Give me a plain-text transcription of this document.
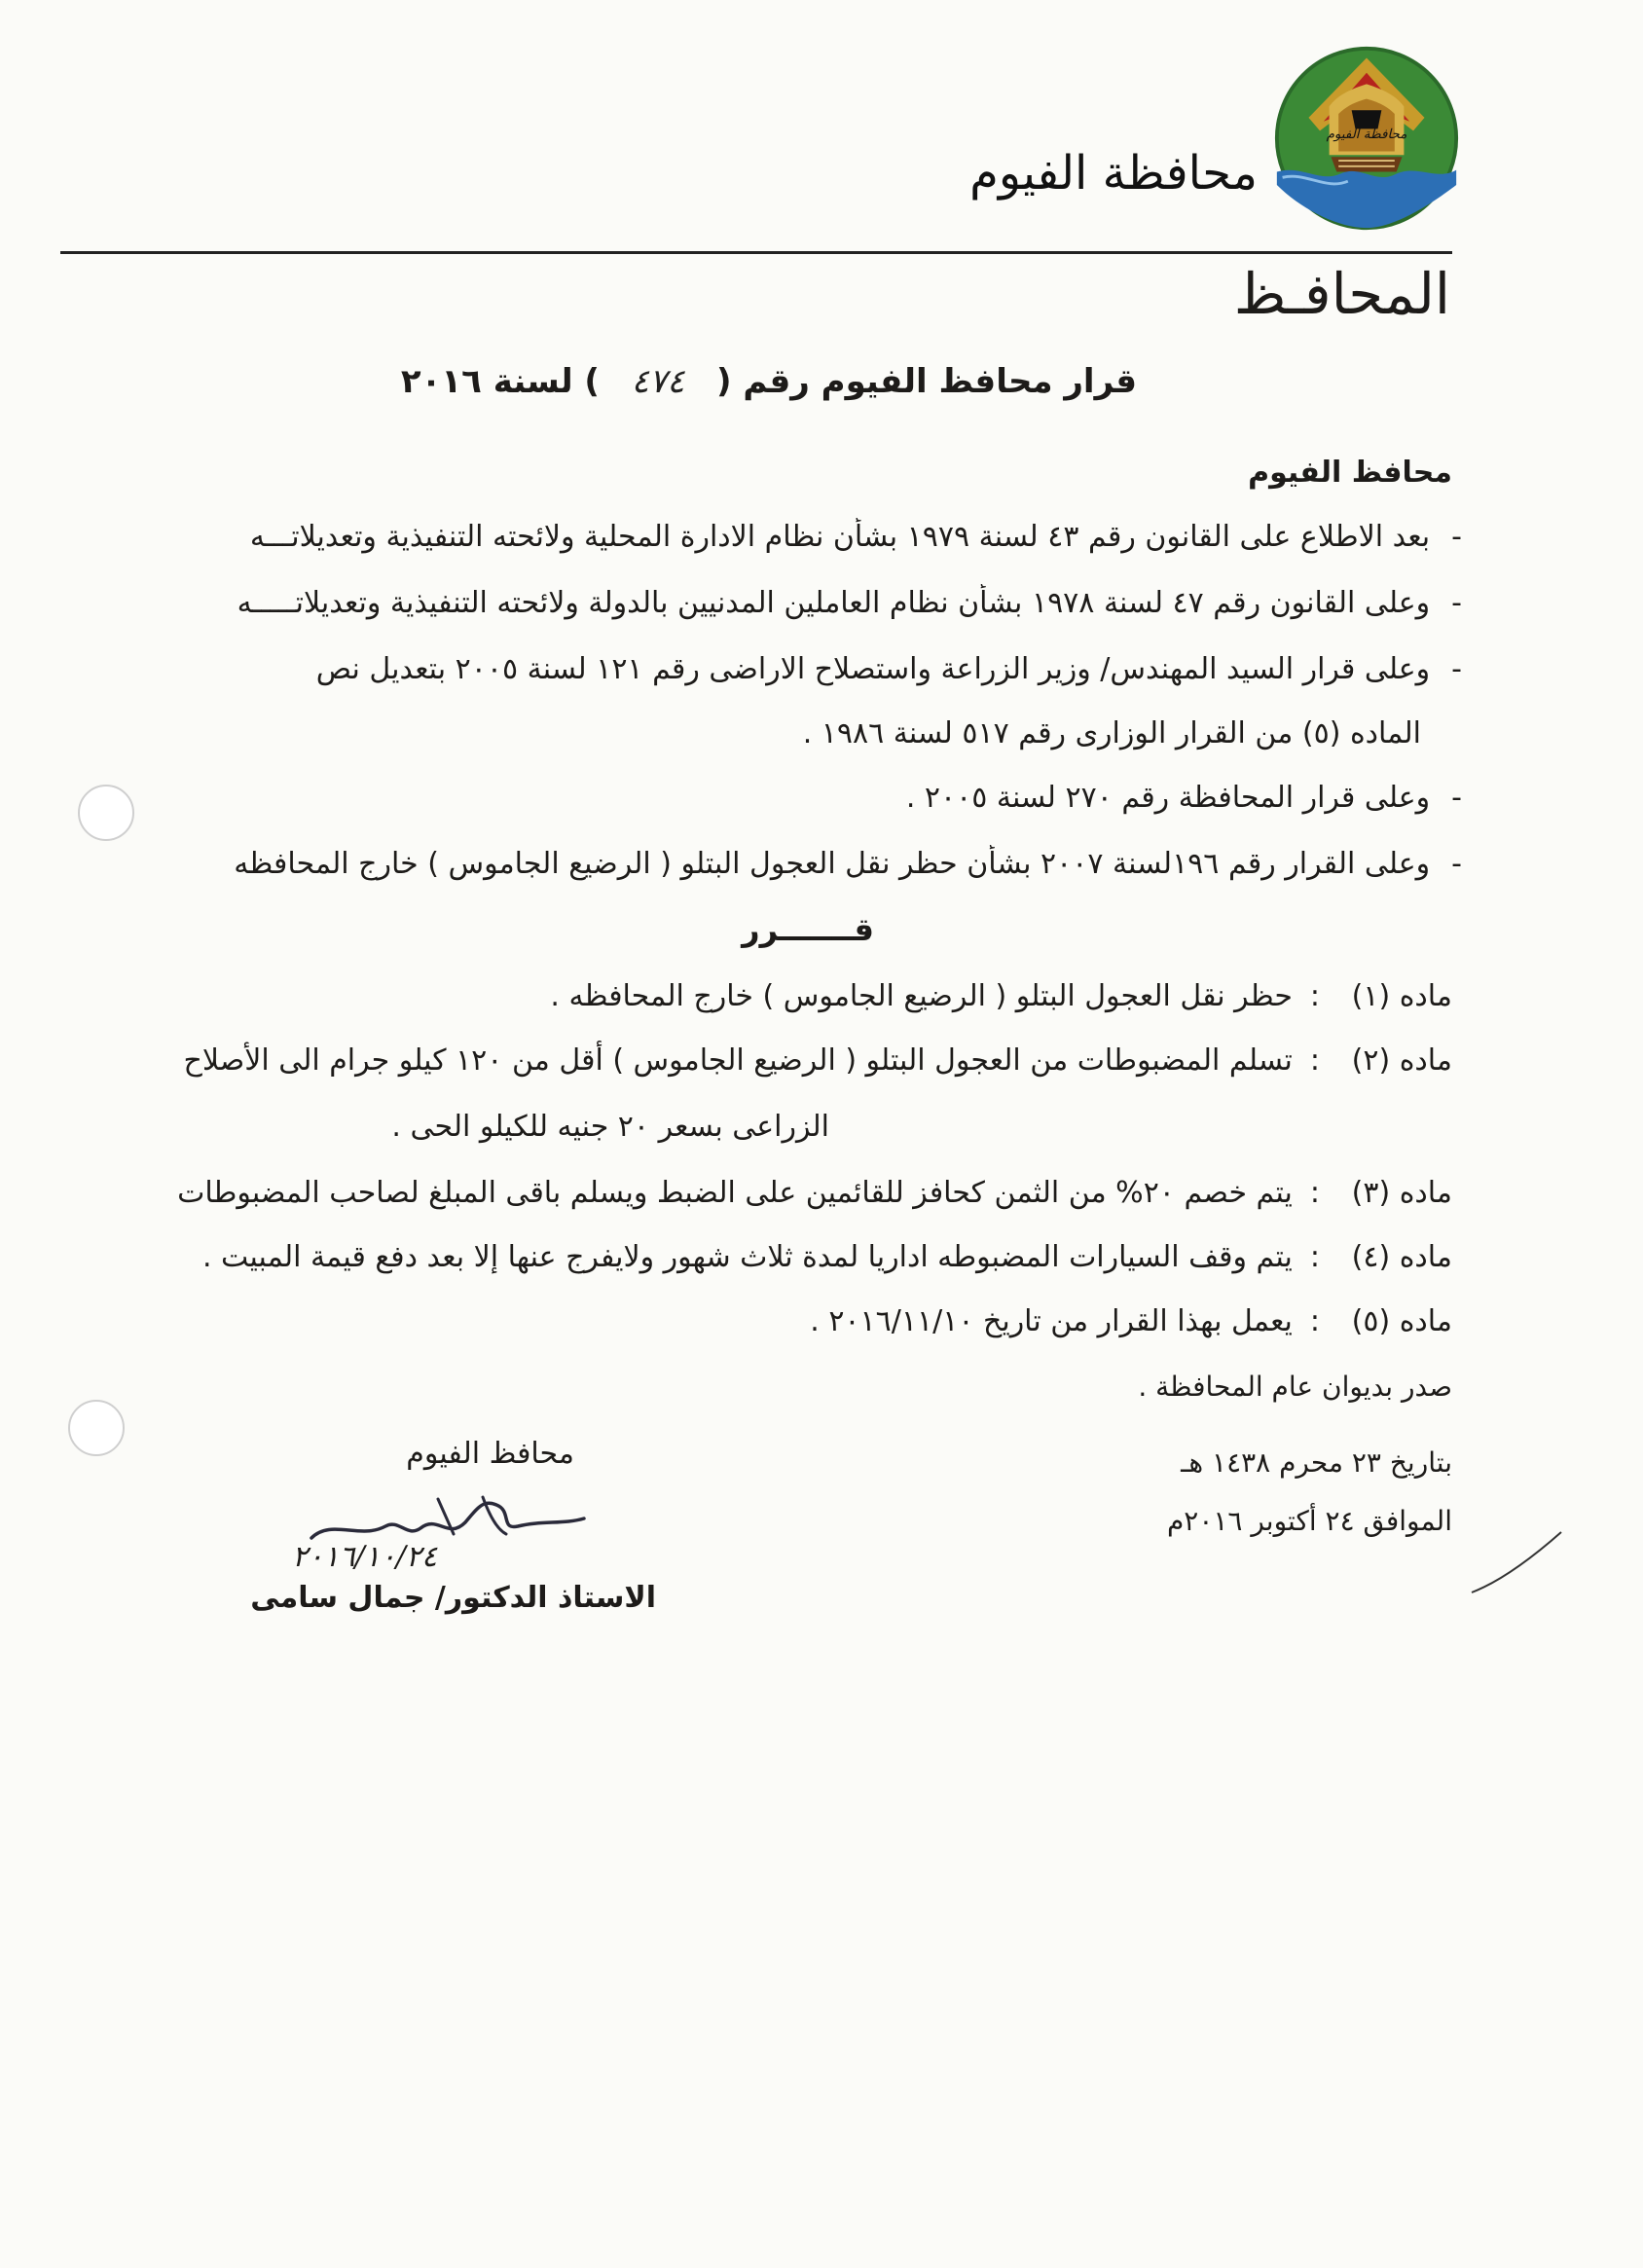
محافظة الفيوم
محافظة الفيوم
المحافـظ
قرار محافظ الفيوم رقم (٤٧٤) لسنة ٢٠١٦
محافظ الفيوم
-بعد الاطلاع على القانون رقم ٤٣ لسنة ١٩٧٩ بشأن نظام الادارة المحلية ولائحته التنفيذية وتعديلاتـــه
-وعلى القانون رقم ٤٧ لسنة ١٩٧٨ بشأن نظام العاملين المدنيين بالدولة ولائحته التنفيذية وتعديلاتـــــه
-وعلى قرار السيد المهندس/ وزير الزراعة واستصلاح الاراضى رقم ١٢١ لسنة ٢٠٠٥ بتعديل نص
الماده (٥) من القرار الوزارى رقم ٥١٧ لسنة ١٩٨٦ .
-وعلى قرار المحافظة رقم ٢٧٠ لسنة ٢٠٠٥ .
-وعلى القرار رقم ١٩٦لسنة ٢٠٠٧ بشأن حظر نقل العجول البتلو ( الرضيع الجاموس ) خارج المحافظه
قـــــــرر
ماده (١):حظر نقل العجول البتلو ( الرضيع الجاموس ) خارج المحافظه .
ماده (٢):تسلم المضبوطات من العجول البتلو ( الرضيع الجاموس ) أقل من ١٢٠ كيلو جرام الى الأصلاح
الزراعى بسعر ٢٠ جنيه للكيلو الحى .
ماده (٣):يتم خصم ٢٠% من الثمن كحافز للقائمين على الضبط ويسلم باقى المبلغ لصاحب المضبوطات
ماده (٤):يتم وقف السيارات المضبوطه اداريا لمدة ثلاث شهور ولايفرج عنها إلا بعد دفع قيمة المبيت .
ماده (٥):يعمل بهذا القرار من تاريخ ٢٠١٦/١١/١٠ .
صدر بديوان عام المحافظة .
بتاريخ ٢٣ محرم ١٤٣٨ هـ
الموافق ٢٤ أكتوبر ٢٠١٦م
محافظ الفيوم
٢٠١٦/١٠/٢٤
الاستاذ الدكتور/ جمال سامى
